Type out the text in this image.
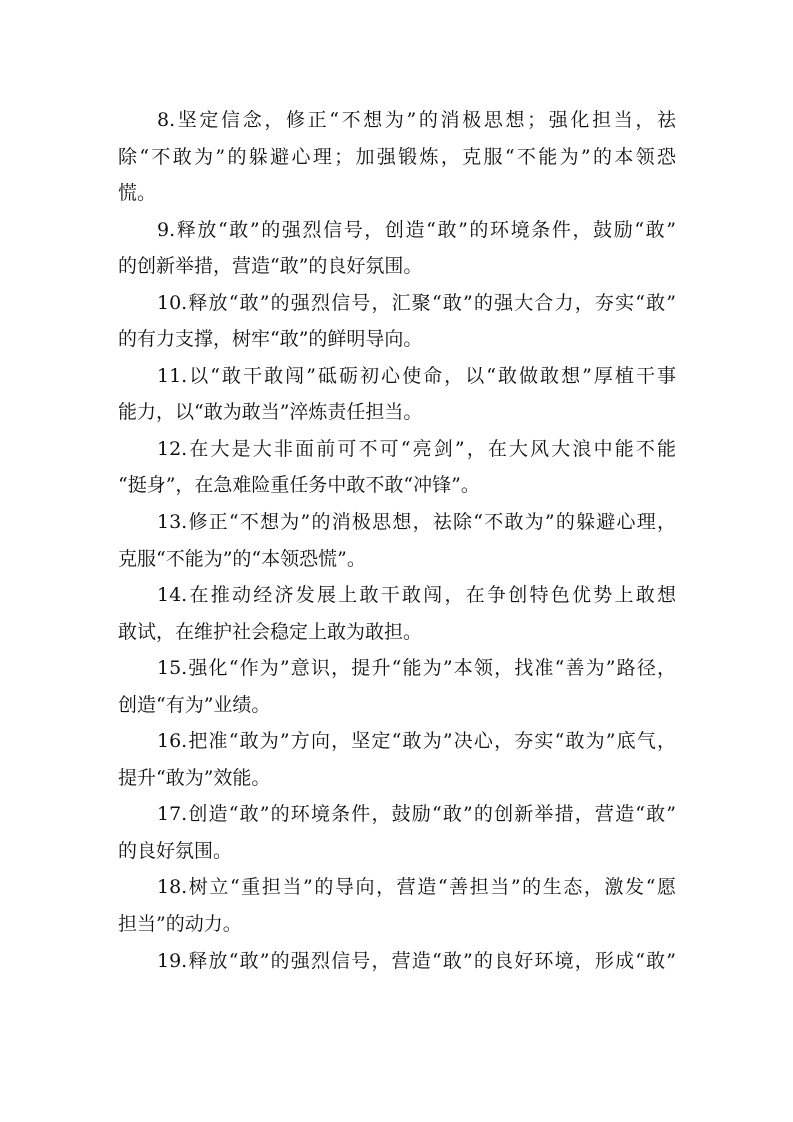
8.坚定信念，修正“不想为”的消极思想；强化担当，祛
除“不敢为”的躲避心理；加强锻炼，克服“不能为”的本领恐
慌。
9.释放“敢”的强烈信号，创造“敢”的环境条件，鼓励“敢”
的创新举措，营造“敢”的良好氛围。
10.释放“敢”的强烈信号，汇聚“敢”的强大合力，夯实“敢”
的有力支撑，树牢“敢”的鲜明导向。
11.以“敢干敢闯”砥砺初心使命，以“敢做敢想”厚植干事
能力，以“敢为敢当”淬炼责任担当。
12.在大是大非面前可不可“亮剑”，在大风大浪中能不能
“挺身”，在急难险重任务中敢不敢“冲锋”。
13.修正“不想为”的消极思想，祛除“不敢为”的躲避心理，
克服“不能为”的“本领恐慌”。
14.在推动经济发展上敢干敢闯，在争创特色优势上敢想
敢试，在维护社会稳定上敢为敢担。
15.强化“作为”意识，提升“能为”本领，找准“善为”路径，
创造“有为”业绩。
16.把准“敢为”方向，坚定“敢为”决心，夯实“敢为”底气，
提升“敢为”效能。
17.创造“敢”的环境条件，鼓励“敢”的创新举措，营造“敢”
的良好氛围。
18.树立“重担当”的导向，营造“善担当”的生态，激发“愿
担当”的动力。
19.释放“敢”的强烈信号，营造“敢”的良好环境，形成“敢”
